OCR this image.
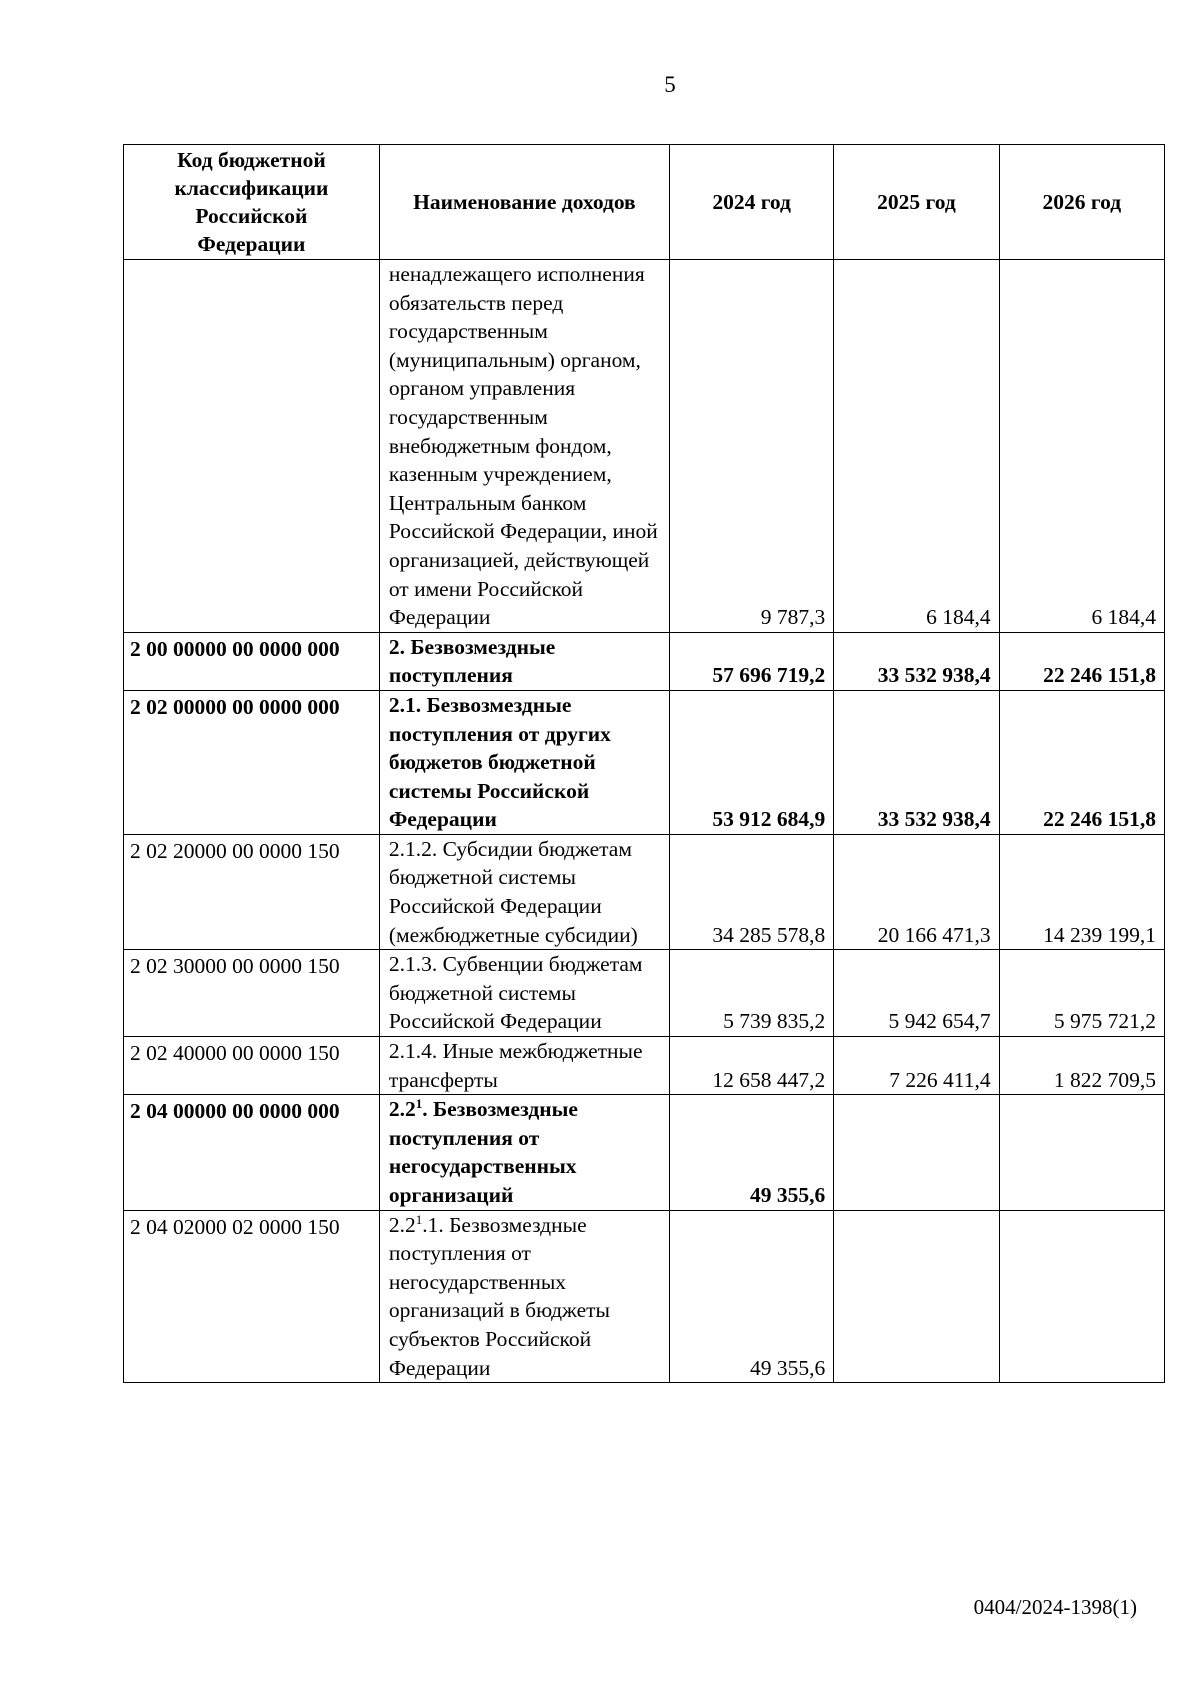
5
Код бюджетной классификации Российской Федерации	Наименование доходов	2024 год	2025 год	2026 год
	ненадлежащего исполнения обязательств перед государственным (муниципальным) органом, органом управления государственным внебюджетным фондом, казенным учреждением, Центральным банком Российской Федерации, иной организацией, действующей от имени Российской Федерации	9 787,3	6 184,4	6 184,4
2 00 00000 00 0000 000	2. Безвозмездные поступления	57 696 719,2	33 532 938,4	22 246 151,8
2 02 00000 00 0000 000	2.1. Безвозмездные поступления от других бюджетов бюджетной системы Российской Федерации	53 912 684,9	33 532 938,4	22 246 151,8
2 02 20000 00 0000 150	2.1.2. Субсидии бюджетам бюджетной системы Российской Федерации (межбюджетные субсидии)	34 285 578,8	20 166 471,3	14 239 199,1
2 02 30000 00 0000 150	2.1.3. Субвенции бюджетам бюджетной системы Российской Федерации	5 739 835,2	5 942 654,7	5 975 721,2
2 02 40000 00 0000 150	2.1.4. Иные межбюджетные трансферты	12 658 447,2	7 226 411,4	1 822 709,5
2 04 00000 00 0000 000	$2.2^1$. Безвозмездные поступления от негосударственных организаций	49 355,6		
2 04 02000 02 0000 150	$2.2^1.1$. Безвозмездные поступления от негосударственных организаций в бюджеты субъектов Российской Федерации	49 355,6		
0404/2024-1398(1)
